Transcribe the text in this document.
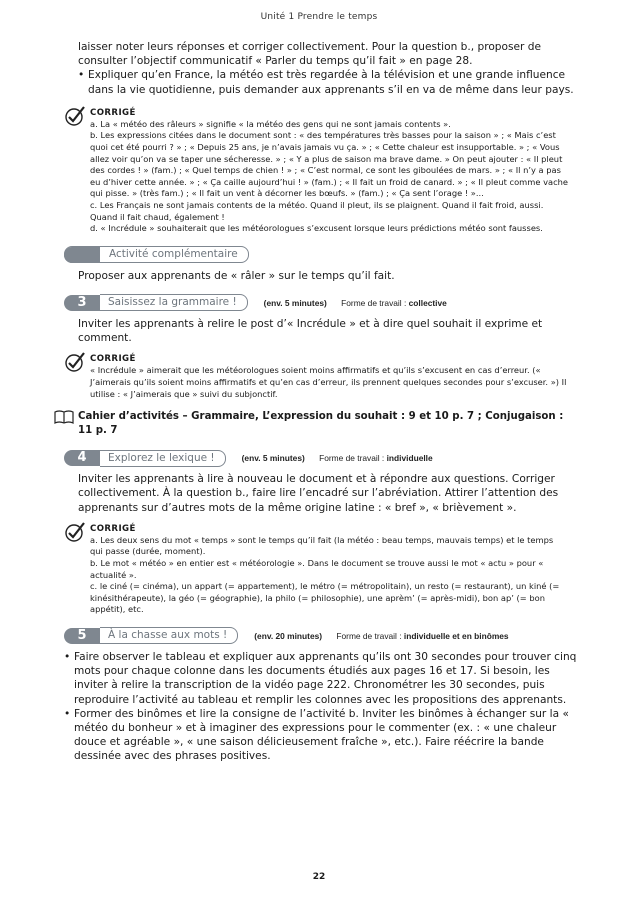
Unité 1 Prendre le temps

laisser noter leurs réponses et corriger collectivement. Pour la question b., proposer de consulter l’objectif communicatif « Parler du temps qu’il fait » en page 28.

• Expliquer qu’en France, la météo est très regardée à la télévision et une grande influence dans la vie quotidienne, puis demander aux apprenants s’il en va de même dans leur pays.

CORRIGÉ

a. La « météo des râleurs » signifie « la météo des gens qui ne sont jamais contents ».

b. Les expressions citées dans le document sont : « des températures très basses pour la saison » ; « Mais c’est quoi cet été pourri ? » ; « Depuis 25 ans, je n’avais jamais vu ça. » ; « Cette chaleur est insupportable. » ; « Vous allez voir qu’on va se taper une sécheresse. » ; « Y a plus de saison ma brave dame. » On peut ajouter : « Il pleut des cordes ! » (fam.) ; « Quel temps de chien ! » ; « C’est normal, ce sont les giboulées de mars. » ; « Il n’y a pas eu d’hiver cette année. » ; « Ça caille aujourd’hui ! » (fam.) ; « Il fait un froid de canard. » ; « Il pleut comme vache qui pisse. » (très fam.) ; « Il fait un vent à décorner les bœufs. » (fam.) ; « Ça sent l’orage ! »...

c. Les Français ne sont jamais contents de la météo. Quand il pleut, ils se plaignent. Quand il fait froid, aussi. Quand il fait chaud, également !

d. « Incrédule » souhaiterait que les météorologues s’excusent lorsque leurs prédictions météo sont fausses.

Activité complémentaire

Proposer aux apprenants de « râler » sur le temps qu’il fait.

3	Saisissez la grammaire !	(env. 5 minutes) Forme de travail : collective

Inviter les apprenants à relire le post d’« Incrédule » et à dire quel souhait il exprime et comment.

CORRIGÉ

« Incrédule » aimerait que les météorologues soient moins affirmatifs et qu’ils s’excusent en cas d’erreur. (« J’aimerais qu’ils soient moins affirmatifs et qu’en cas d’erreur, ils prennent quelques secondes pour s’excuser. ») Il utilise : « J’aimerais que » suivi du subjonctif.

Cahier d’activités – Grammaire, L’expression du souhait : 9 et 10 p. 7 ; Conjugaison : 11 p. 7
4	Explorez le lexique !	(env. 5 minutes) Forme de travail : individuelle

Inviter les apprenants à lire à nouveau le document et à répondre aux questions. Corriger collectivement. À la question b., faire lire l’encadré sur l’abréviation. Attirer l’attention des apprenants sur d’autres mots de la même origine latine : « bref », « brièvement ».

CORRIGÉ

a. Les deux sens du mot « temps » sont le temps qu’il fait (la météo : beau temps, mauvais temps) et le temps qui passe (durée, moment).

b. Le mot « météo » en entier est « météorologie ». Dans le document se trouve aussi le mot « actu » pour « actualité ».

c. le ciné (= cinéma), un appart (= appartement), le métro (= métropolitain), un resto (= restaurant), un kiné (= kinésithérapeute), la géo (= géographie), la philo (= philosophie), une aprèm’ (= après-midi), bon ap’ (= bon appétit), etc.

5	À la chasse aux mots !	(env. 20 minutes) Forme de travail : individuelle et en binômes

• Faire observer le tableau et expliquer aux apprenants qu’ils ont 30 secondes pour trouver cinq mots pour chaque colonne dans les documents étudiés aux pages 16 et 17. Si besoin, les inviter à relire la transcription de la vidéo page 222. Chronométrer les 30 secondes, puis reproduire l’activité au tableau et remplir les colonnes avec les propositions des apprenants.

• Former des binômes et lire la consigne de l’activité b. Inviter les binômes à échanger sur la « météo du bonheur » et à imaginer des expressions pour le commenter (ex. : « une chaleur douce et agréable », « une saison délicieusement fraîche », etc.). Faire réécrire la bande dessinée avec des phrases positives.

22
